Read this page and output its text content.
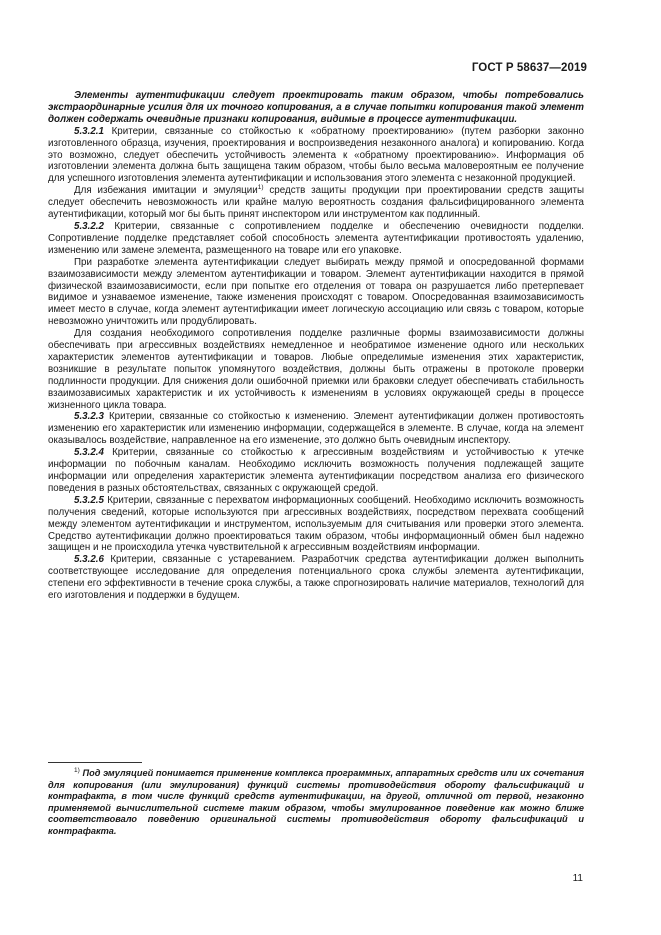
ГОСТ Р 58637—2019

Элементы аутентификации следует проектировать таким образом, чтобы потребовались экстраординарные усилия для их точного копирования, а в случае попытки копирования такой элемент должен содержать очевидные признаки копирования, видимые в процессе аутентификации.

5.3.2.1 Критерии, связанные со стойкостью к «обратному проектированию» (путем разборки законно изготовленного образца, изучения, проектирования и воспроизведения незаконного аналога) и копированию. Когда это возможно, следует обеспечить устойчивость элемента к «обратному проектированию». Информация об изготовлении элемента должна быть защищена таким образом, чтобы было весьма маловероятным ее получение для успешного изготовления элемента аутентификации и использования этого элемента с незаконной продукцией.

Для избежания имитации и эмуляции$^{1)}$ средств защиты продукции при проектировании средств защиты следует обеспечить невозможность или крайне малую вероятность создания фальсифицированного элемента аутентификации, который мог бы быть принят инспектором или инструментом как подлинный.

5.3.2.2 Критерии, связанные с сопротивлением подделке и обеспечению очевидности подделки. Сопротивление подделке представляет собой способность элемента аутентификации противостоять удалению, изменению или замене элемента, размещенного на товаре или его упаковке.

При разработке элемента аутентификации следует выбирать между прямой и опосредованной формами взаимозависимости между элементом аутентификации и товаром. Элемент аутентификации находится в прямой физической взаимозависимости, если при попытке его отделения от товара он разрушается либо претерпевает видимое и узнаваемое изменение, также изменения происходят с товаром. Опосредованная взаимозависимость имеет место в случае, когда элемент аутентификации имеет логическую ассоциацию или связь с товаром, которые невозможно уничтожить или продублировать.

Для создания необходимого сопротивления подделке различные формы взаимозависимости должны обеспечивать при агрессивных воздействиях немедленное и необратимое изменение одного или нескольких характеристик элементов аутентификации и товаров. Любые определимые изменения этих характеристик, возникшие в результате попыток упомянутого воздействия, должны быть отражены в протоколе проверки подлинности продукции. Для снижения доли ошибочной приемки или браковки следует обеспечивать стабильность взаимозависимых характеристик и их устойчивость к изменениям в условиях окружающей среды в процессе жизненного цикла товара.

5.3.2.3 Критерии, связанные со стойкостью к изменению. Элемент аутентификации должен противостоять изменению его характеристик или изменению информации, содержащейся в элементе. В случае, когда на элемент оказывалось воздействие, направленное на его изменение, это должно быть очевидным инспектору.

5.3.2.4 Критерии, связанные со стойкостью к агрессивным воздействиям и устойчивостью к утечке информации по побочным каналам. Необходимо исключить возможность получения подлежащей защите информации или определения характеристик элемента аутентификации посредством анализа его физического поведения в разных обстоятельствах, связанных с окружающей средой.

5.3.2.5 Критерии, связанные с перехватом информационных сообщений. Необходимо исключить возможность получения сведений, которые используются при агрессивных воздействиях, посредством перехвата сообщений между элементом аутентификации и инструментом, используемым для считывания или проверки этого элемента. Средство аутентификации должно проектироваться таким образом, чтобы информационный обмен был надежно защищен и не происходила утечка чувствительной к агрессивным воздействиям информации.

5.3.2.6 Критерии, связанные с устареванием. Разработчик средства аутентификации должен выполнить соответствующее исследование для определения потенциального срока службы элемента аутентификации, степени его эффективности в течение срока службы, а также спрогнозировать наличие материалов, технологий для его изготовления и поддержки в будущем.

$^{1)}$ Под эмуляцией понимается применение комплекса программных, аппаратных средств или их сочетания для копирования (или эмулирования) функций системы противодействия обороту фальсификаций и контрафакта, в том числе функций средств аутентификации, на другой, отличной от первой, незаконно применяемой вычислительной системе таким образом, чтобы эмулированное поведение как можно ближе соответствовало поведению оригинальной системы противодействия обороту фальсификаций и контрафакта.
11
